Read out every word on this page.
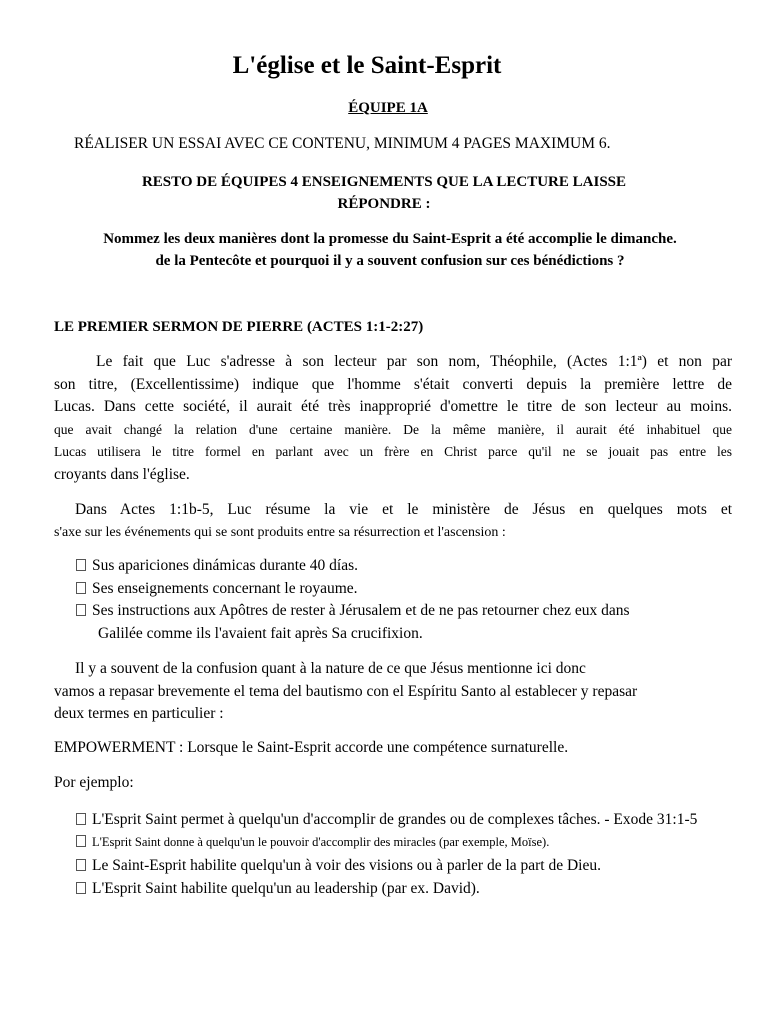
L'église et le Saint-Esprit
ÉQUIPE 1A
RÉALISER UN ESSAI AVEC CE CONTENU, MINIMUM 4 PAGES MAXIMUM 6.
RESTO DE ÉQUIPES 4 ENSEIGNEMENTS QUE LA LECTURE LAISSE
RÉPONDRE :
Nommez les deux manières dont la promesse du Saint-Esprit a été accomplie le dimanche.
de la Pentecôte et pourquoi il y a souvent confusion sur ces bénédictions ?
LE PREMIER SERMON DE PIERRE (ACTES 1:1-2:27)
Le fait que Luc s'adresse à son lecteur par son nom, Théophile, (Actes 1:1ª) et non par
son titre, (Excellentissime) indique que l'homme s'était converti depuis la première lettre de
Lucas. Dans cette société, il aurait été très inapproprié d'omettre le titre de son lecteur au moins.
que avait changé la relation d'une certaine manière. De la même manière, il aurait été inhabituel que
Lucas utilisera le titre formel en parlant avec un frère en Christ parce qu'il ne se jouait pas entre les
croyants dans l'église.
Dans Actes 1:1b-5, Luc résume la vie et le ministère de Jésus en quelques mots et
s'axe sur les événements qui se sont produits entre sa résurrection et l'ascension :
Sus apariciones dinámicas durante 40 días.
Ses enseignements concernant le royaume.
Ses instructions aux Apôtres de rester à Jérusalem et de ne pas retourner chez eux dans
Galilée comme ils l'avaient fait après Sa crucifixion.
Il y a souvent de la confusion quant à la nature de ce que Jésus mentionne ici donc
vamos a repasar brevemente el tema del bautismo con el Espíritu Santo al establecer y repasar
deux termes en particulier :
EMPOWERMENT : Lorsque le Saint-Esprit accorde une compétence surnaturelle.
Por ejemplo:
L'Esprit Saint permet à quelqu'un d'accomplir de grandes ou de complexes tâches. - Exode 31:1-5
L'Esprit Saint donne à quelqu'un le pouvoir d'accomplir des miracles (par exemple, Moïse).
Le Saint-Esprit habilite quelqu'un à voir des visions ou à parler de la part de Dieu.
L'Esprit Saint habilite quelqu'un au leadership (par ex. David).
